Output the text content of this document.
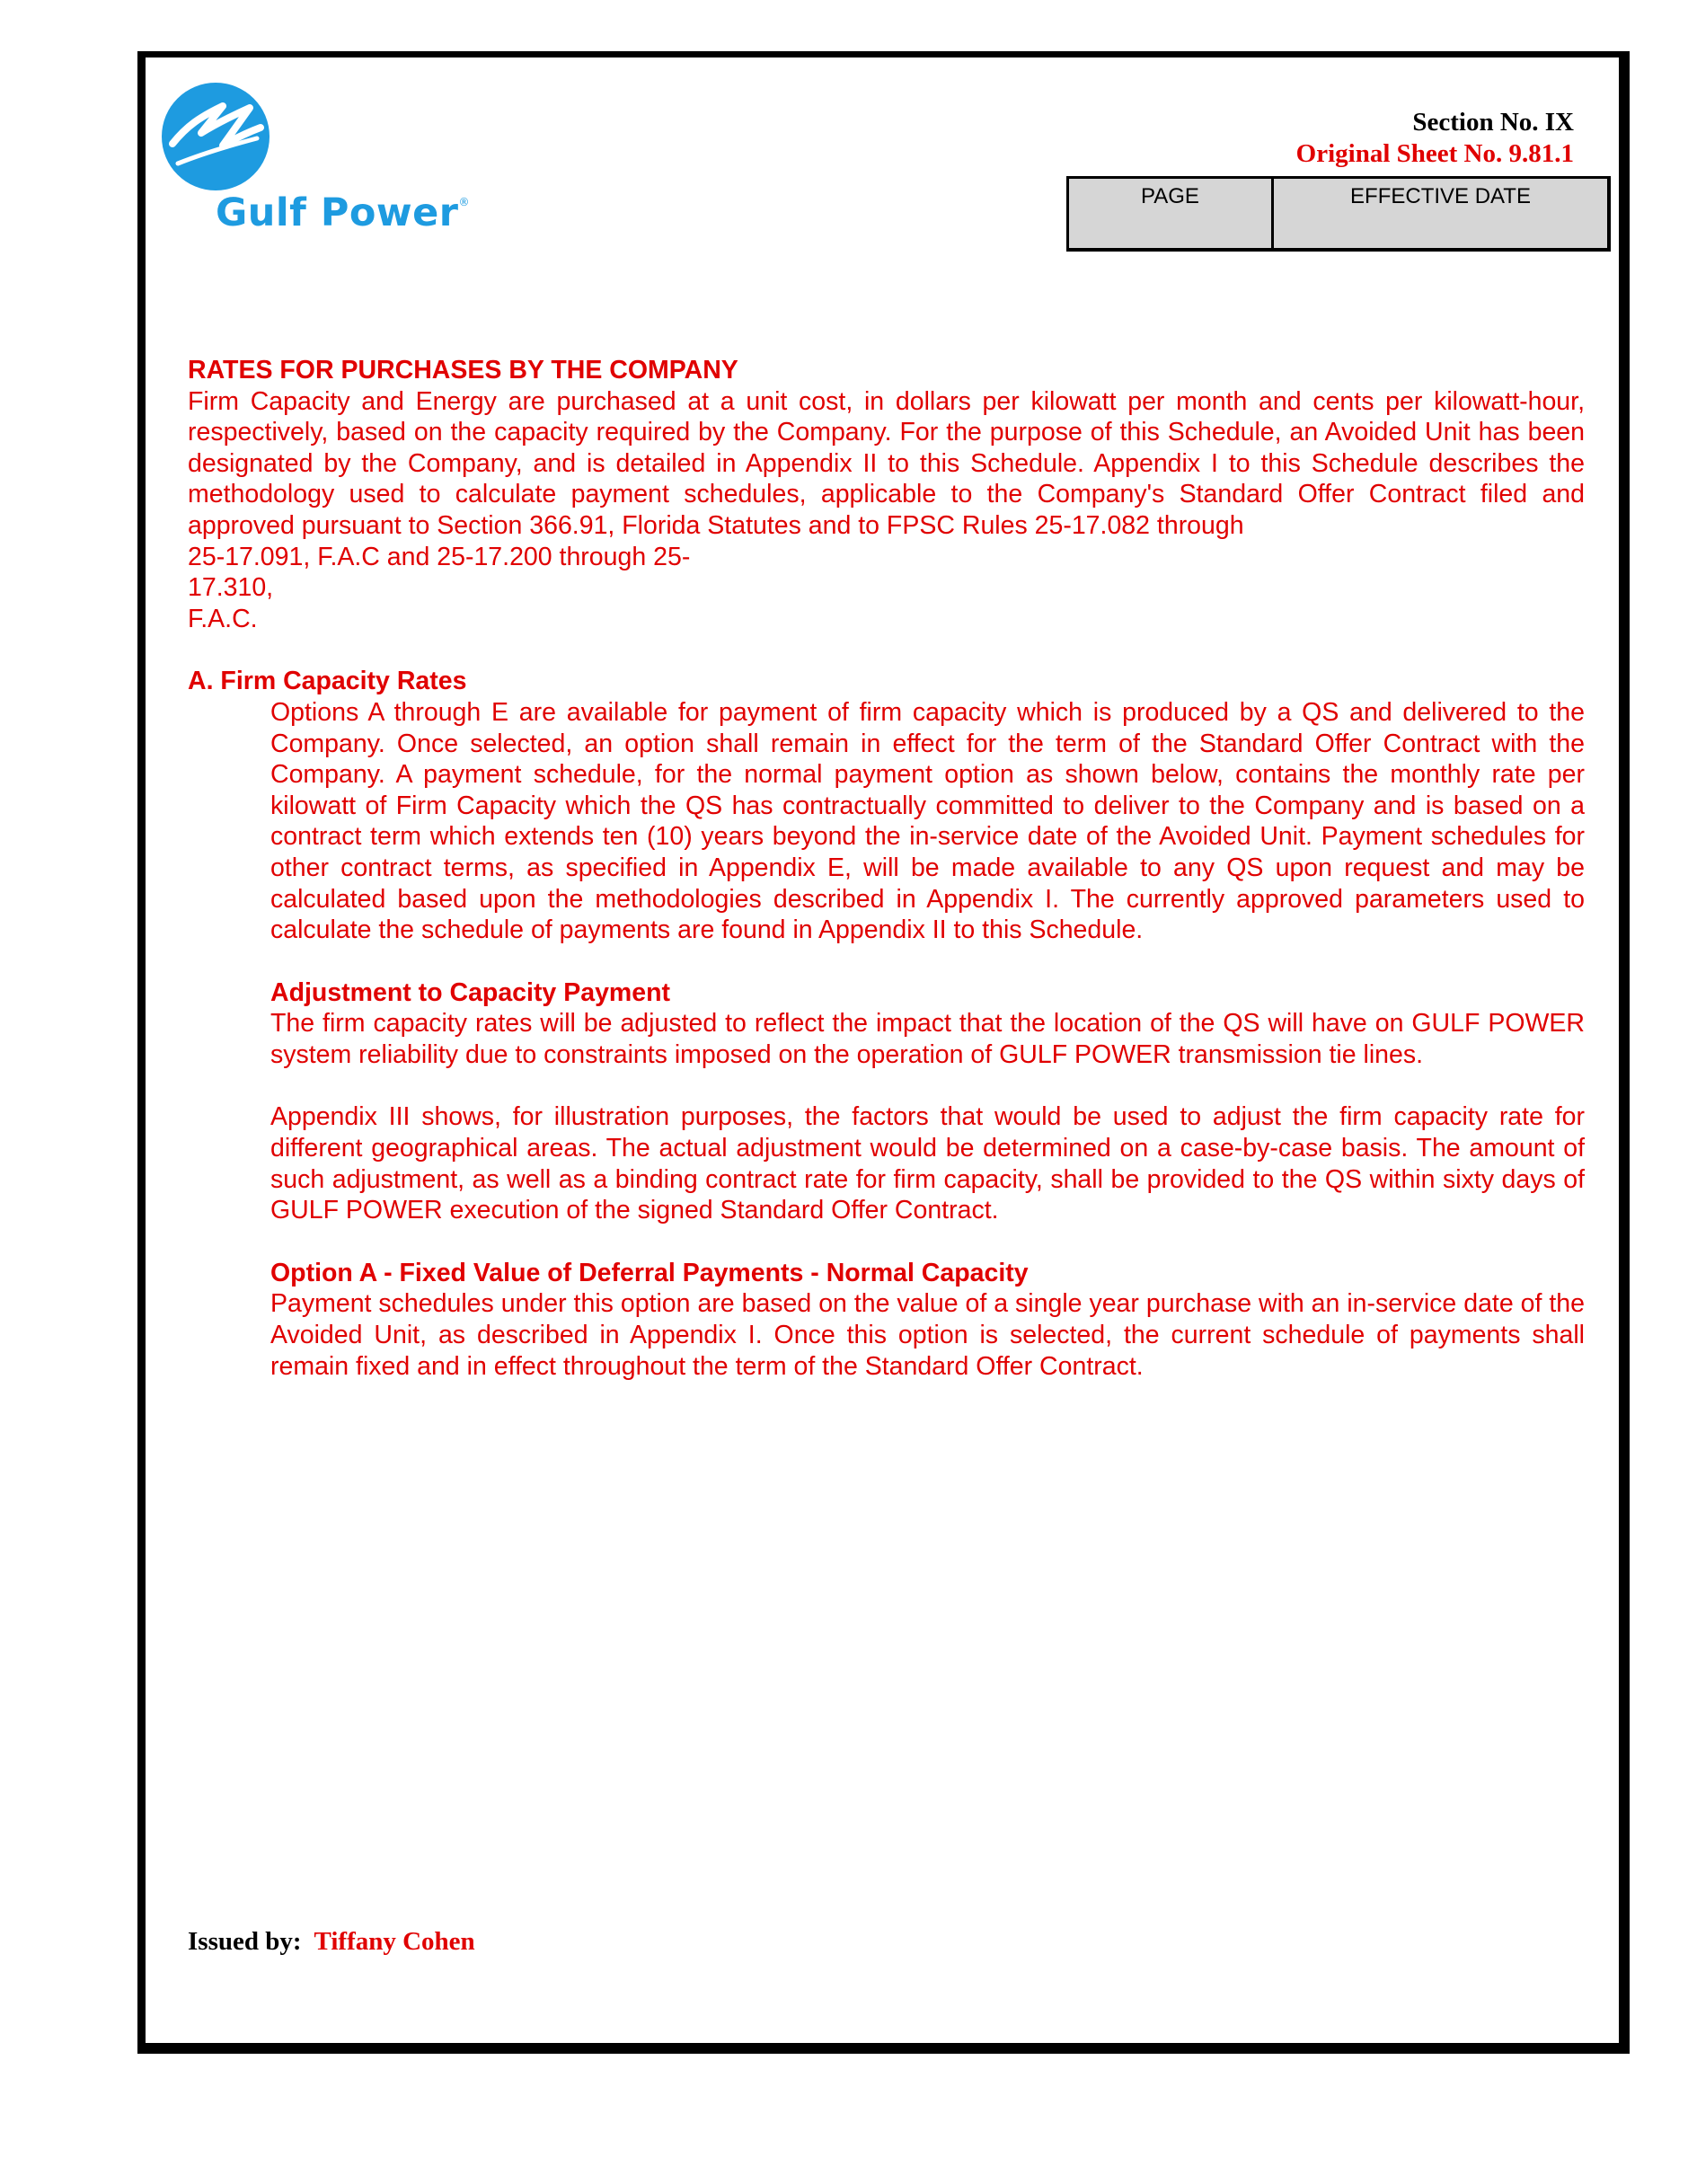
Gulf Power®
Section No. IX
Original Sheet No. 9.81.1
PAGE	EFFECTIVE DATE

RATES FOR PURCHASES BY THE COMPANY

Firm Capacity and Energy are purchased at a unit cost, in dollars per kilowatt per month and cents per kilowatt-hour, respectively, based on the capacity required by the Company. For the purpose of this Schedule, an Avoided Unit has been designated by the Company, and is detailed in Appendix II to this Schedule. Appendix I to this Schedule describes the methodology used to calculate payment schedules, applicable to the Company's Standard Offer Contract filed and approved pursuant to Section 366.91, Florida Statutes and to FPSC Rules 25-17.082 through

25-17.091, F.A.C and 25-17.200 through 25-
17.310,
F.A.C.

A. Firm Capacity Rates

Options A through E are available for payment of firm capacity which is produced by a QS and delivered to the Company. Once selected, an option shall remain in effect for the term of the Standard Offer Contract with the Company. A payment schedule, for the normal payment option as shown below, contains the monthly rate per kilowatt of Firm Capacity which the QS has contractually committed to deliver to the Company and is based on a contract term which extends ten (10) years beyond the in-service date of the Avoided Unit. Payment schedules for other contract terms, as specified in Appendix E, will be made available to any QS upon request and may be calculated based upon the methodologies described in Appendix I. The currently approved parameters used to calculate the schedule of payments are found in Appendix II to this Schedule.

Adjustment to Capacity Payment

The firm capacity rates will be adjusted to reflect the impact that the location of the QS will have on GULF POWER system reliability due to constraints imposed on the operation of GULF POWER transmission tie lines.

Appendix III shows, for illustration purposes, the factors that would be used to adjust the firm capacity rate for different geographical areas. The actual adjustment would be determined on a case-by-case basis. The amount of such adjustment, as well as a binding contract rate for firm capacity, shall be provided to the QS within sixty days of GULF POWER execution of the signed Standard Offer Contract.

Option A - Fixed Value of Deferral Payments - Normal Capacity

Payment schedules under this option are based on the value of a single year purchase with an in-service date of the Avoided Unit, as described in Appendix I. Once this option is selected, the current schedule of payments shall remain fixed and in effect throughout the term of the Standard Offer Contract.

Issued by: Tiffany Cohen
